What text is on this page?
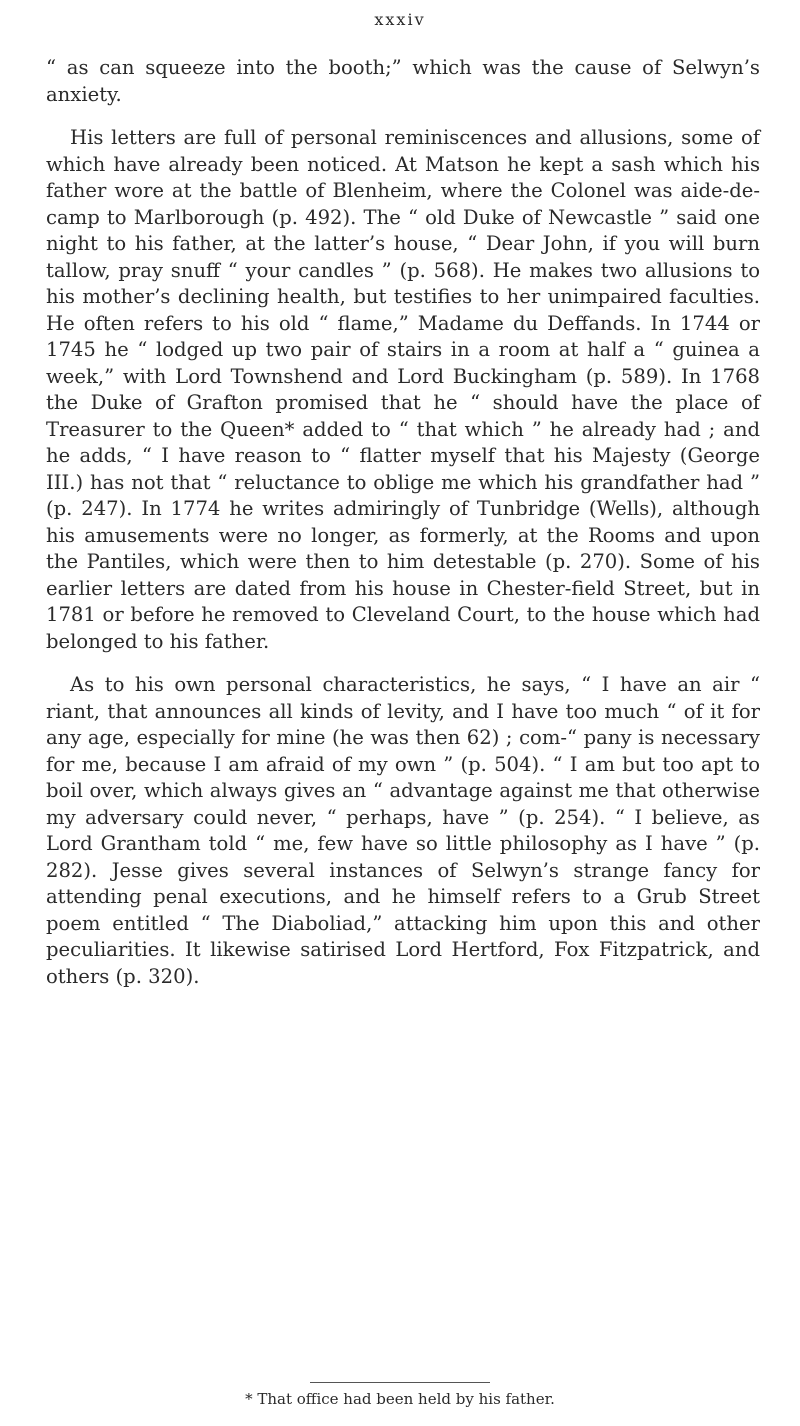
xxxiv

“ as can squeeze into the booth;” which was the cause of Selwyn’s anxiety.

His letters are full of personal reminiscences and allusions, some of which have already been noticed. At Matson he kept a sash which his father wore at the battle of Blenheim, where the Colonel was aide-de-camp to Marlborough (p. 492). The “ old Duke of Newcastle ” said one night to his father, at the latter’s house, “ Dear John, if you will burn tallow, pray snuff “ your candles ” (p. 568). He makes two allusions to his mother’s declining health, but testifies to her unimpaired faculties. He often refers to his old “ flame,” Madame du Deffands. In 1744 or 1745 he “ lodged up two pair of stairs in a room at half a “ guinea a week,” with Lord Townshend and Lord Buckingham (p. 589). In 1768 the Duke of Grafton promised that he “ should have the place of Treasurer to the Queen* added to “ that which ” he already had ; and he adds, “ I have reason to “ flatter myself that his Majesty (George III.) has not that “ reluctance to oblige me which his grandfather had ” (p. 247). In 1774 he writes admiringly of Tunbridge (Wells), although his amusements were no longer, as formerly, at the Rooms and upon the Pantiles, which were then to him detestable (p. 270). Some of his earlier letters are dated from his house in Chester-field Street, but in 1781 or before he removed to Cleveland Court, to the house which had belonged to his father.

As to his own personal characteristics, he says, “ I have an air “ riant, that announces all kinds of levity, and I have too much “ of it for any age, especially for mine (he was then 62) ; com-“ pany is necessary for me, because I am afraid of my own ” (p. 504). “ I am but too apt to boil over, which always gives an “ advantage against me that otherwise my adversary could never, “ perhaps, have ” (p. 254). “ I believe, as Lord Grantham told “ me, few have so little philosophy as I have ” (p. 282). Jesse gives several instances of Selwyn’s strange fancy for attending penal executions, and he himself refers to a Grub Street poem entitled “ The Diaboliad,” attacking him upon this and other peculiarities. It likewise satirised Lord Hertford, Fox Fitzpatrick, and others (p. 320).

* That office had been held by his father.
